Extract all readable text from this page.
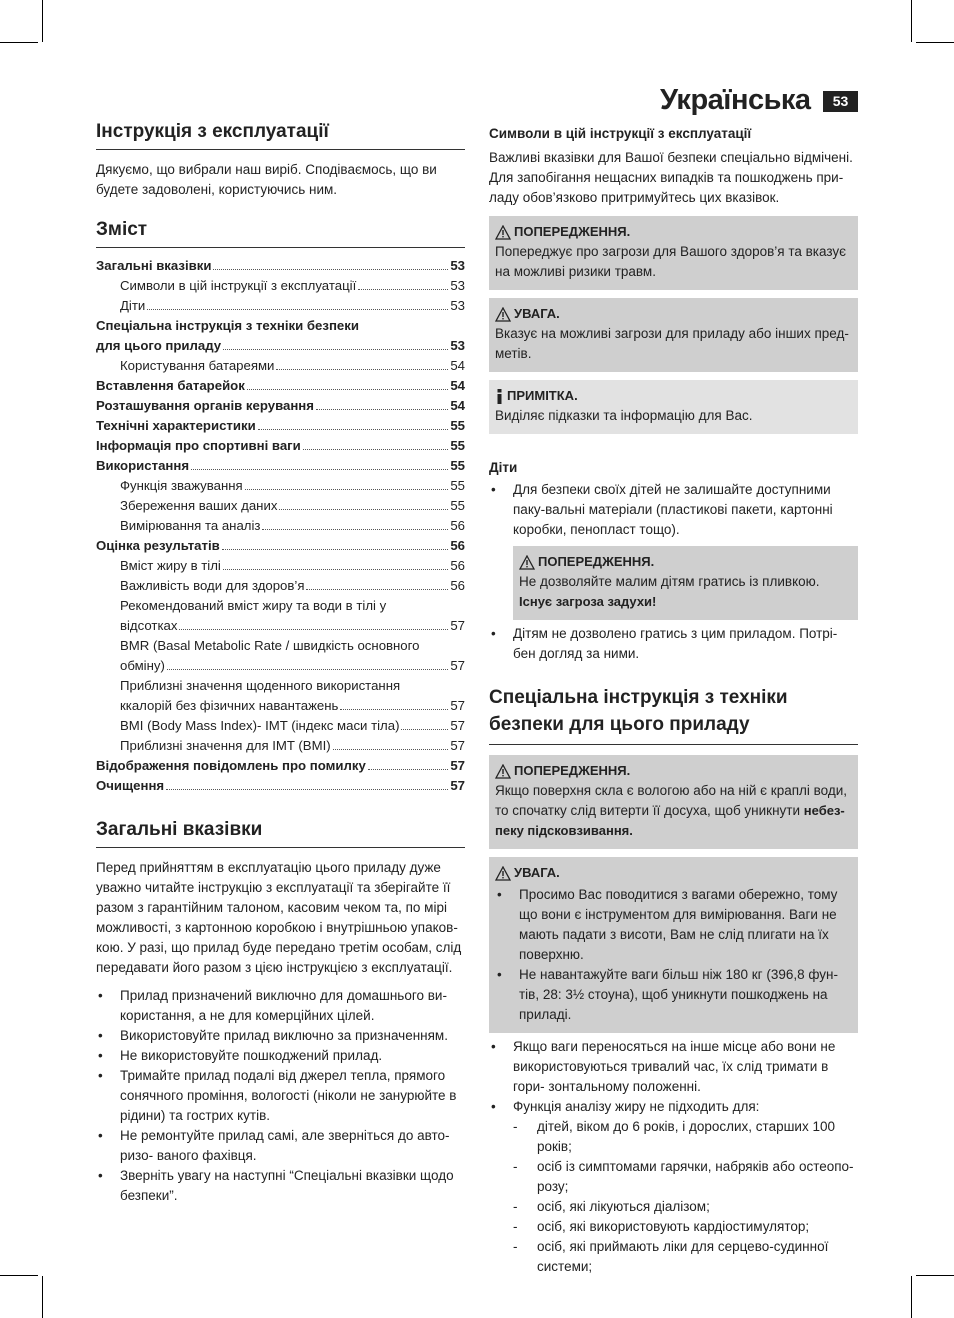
Українська	53
Інструкція з експлуатації

Дякуємо, що вибрали наш виріб. Сподіваємось, що ви будете задоволені, користуючись ним.

Зміст
Загальні вказівки	53
Символи в цій інструкції з експлуатації	53
Діти	53
Спеціальна інструкція з техніки безпеки
для цього приладу	53
Користування батареями	54
Вставлення батарейок	54
Розташування органів керування	54
Технічні характеристики	55
Інформація про спортивні ваги	55
Використання	55
Функція зважування	55
Збереження ваших даних	55
Вимірювання та аналіз	56
Оцінка результатів	56
Вміст жиру в тілі	56
Важливість води для здоров’я	56
Рекомендований вміст жиру та води в тілі у
відсотках	57
BMR (Basal Metabolic Rate / швидкість основного
обміну)	57
Приблизні значення щоденного використання
ккалорій без фізичних навантажень	57
BMI (Body Mass Index)- IMT (індекс маси тіла)	57
Приблизні значення для IMT (BMI)	57
Відображення повідомлень про помилку	57
Очищення	57
Загальні вказівки

Перед прийняттям в експлуатацію цього приладу дуже уважно читайте інструкцію з експлуатації та зберігайте її разом з гарантійним талоном, касовим чеком та, по мірі можливості, з картонною коробкою і внутрішньою упаков- кою. У разі, що прилад буде передано третім особам, слід передавати його разом з цією інструкцією з експлуатації.

• Прилад призначений виключно для домашнього ви- користання, а не для комерційних цілей.
• Використовуйте прилад виключно за призначенням.
• Не використовуйте пошкоджений прилад.
• Тримайте прилад подалі від джерел тепла, прямого сонячного проміння, вологості (ніколи не занурюйте в рідини) та гострих кутів.
• Не ремонтуйте прилад самі, але зверніться до авто- ризо- ваного фахівця.
• Зверніть увагу на наступні “Спеціальні вказівки щодо безпеки”.
Символи в цій інструкції з експлуатації

Важливі вказівки для Вашої безпеки спеціально відмічені. Для запобігання нещасних випадків та пошкоджень при- ладу обов’язково притримуйтесь цих вказівок.

ПОПЕРЕДЖЕННЯ.
Попереджує про загрози для Вашого здоров’я та вказує на можливі ризики травм.
УВАГА.
Вказує на можливі загрози для приладу або інших пред- метів.
ПРИМІТКА.
Виділяє підказки та інформацію для Вас.
Діти
• Для безпеки своїх дітей не залишайте доступними паку-вальні матеріали (пластикові пакети, картонні коробки, пенопласт тощо).
ПОПЕРЕДЖЕННЯ.
Не дозволяйте малим дітям гратись із пливкою.
Існує загроза задухи!
• Дітям не дозволено гратись з цим приладом. Потрі- бен догляд за ними.
Спеціальна інструкція з техніки безпеки для цього приладу
ПОПЕРЕДЖЕННЯ.
Якщо поверхня скла є вологою або на ній є краплі води, то спочатку слід витерти її досуха, щоб уникнути небез- пеку підсковзивання.
УВАГА.
• Просимо Вас поводитися з вагами обережно, тому що вони є інструментом для вимірювання. Ваги не мають падати з висоти, Вам не слід плигати на їх поверхню.
• Не навантажуйте ваги більш ніж 180 кг (396,8 фун- тів, 28: 3½ стоуна), щоб уникнути пошкоджень на приладі.
• Якщо ваги переносяться на інше місце або вони не використовуються тривалий час, їх слід тримати в гори- зонтальному положенні.
• Функція аналізу жиру не підходить для:
- дітей, віком до 6 років, і дорослих, старших 100 років;
- осіб із симптомами гарячки, набряків або остеопо- розу;
- осіб, які лікуються діалізом;
- осіб, які використовують кардіостимулятор;
- осіб, які приймають ліки для серцево-судинної системи;
